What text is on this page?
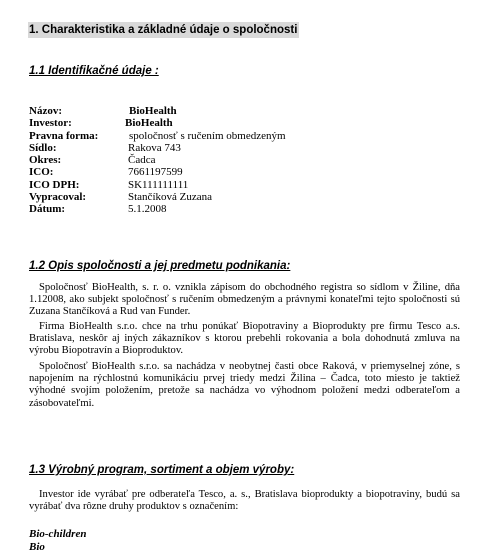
1. Charakteristika a základné údaje o spoločnosti
1.1 Identifikačné údaje :
Názov:	BioHealth
Investor:	BioHealth
Pravna forma:	spoločnosť s ručením obmedzeným
Sídlo:	Rakova 743
Okres:	Čadca
ICO:	7661197599
ICO DPH:	SK111111111
Vypracoval:	Stančíková Zuzana
Dátum:	5.1.2008
1.2 Opis spoločnosti a jej predmetu podnikania:
Spoločnosť BioHealth, s. r. o. vznikla zápisom do obchodného registra so sídlom v Žiline, dňa 1.12008, ako subjekt spoločnosť s ručením obmedzeným a právnymi konateľmi tejto spoločnosti sú Zuzana Stančíková a Rud van Funder.
Firma BioHealth s.r.o. chce na trhu ponúkať Biopotraviny a Bioprodukty pre firmu Tesco a.s. Bratislava, neskôr aj iných zákazníkov s ktorou prebehli rokovania a bola dohodnutá zmluva na výrobu Biopotravín a Bioproduktov.
Spoločnosť BioHealth s.r.o. sa nachádza v neobytnej časti obce Raková, v priemyselnej zóne, s napojením na rýchlostnú komunikáciu prvej triedy medzi Žilina – Čadca, toto miesto je taktiež výhodné svojím položením, pretože sa nachádza vo výhodnom položení medzi odberateľom a zásobovateľmi.
1.3 Výrobný program, sortiment a objem výroby:
Investor ide vyrábať pre odberateľa Tesco, a. s., Bratislava bioprodukty a biopotraviny, budú sa vyrábať dva rôzne druhy produktov s označením:
Bio-children
Bio
